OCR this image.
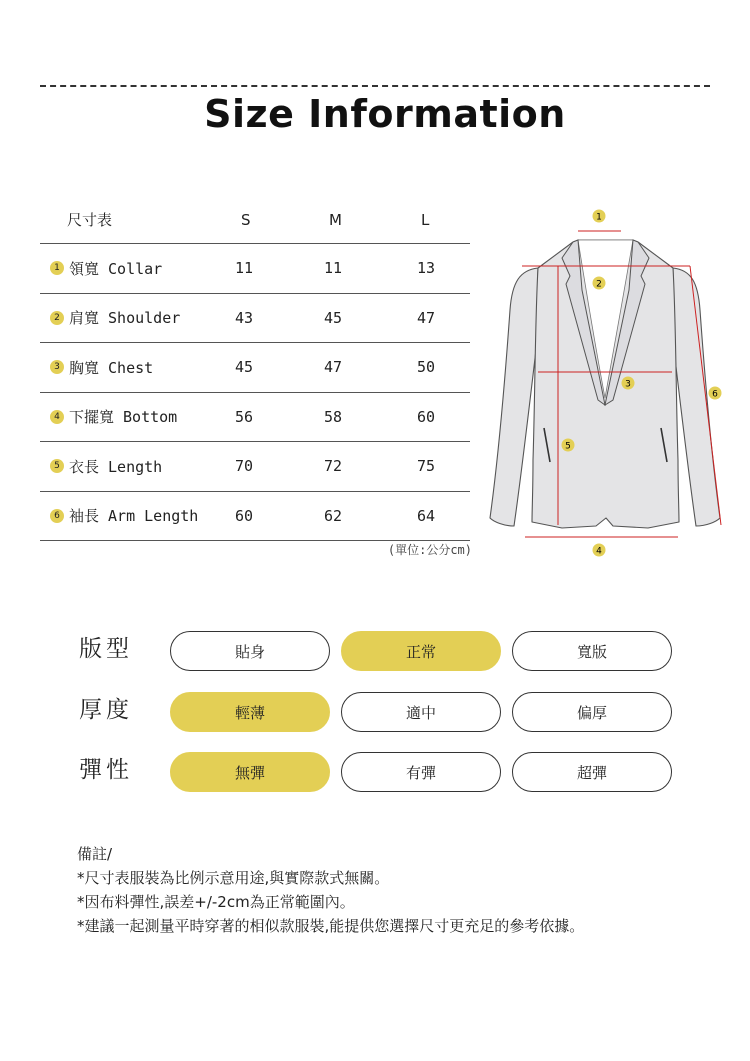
Size Information
尺寸表	S	M	L
1 領寬 Collar	11	11	13
2 肩寬 Shoulder	43	45	47
3 胸寬 Chest	45	47	50
4 下擺寬 Bottom	56	58	60
5 衣長 Length	70	72	75
6 袖長 Arm Length 60	62	64
(單位:公分cm)
1
2
3
4
5
6
版型	貼身	正常	寬版
厚度	輕薄	適中	偏厚
彈性	無彈	有彈	超彈
備註/
*尺寸表服裝為比例示意用途,與實際款式無關。
*因布料彈性,誤差+/-2cm為正常範圍內。
*建議一起測量平時穿著的相似款服裝,能提供您選擇尺寸更充足的參考依據。
